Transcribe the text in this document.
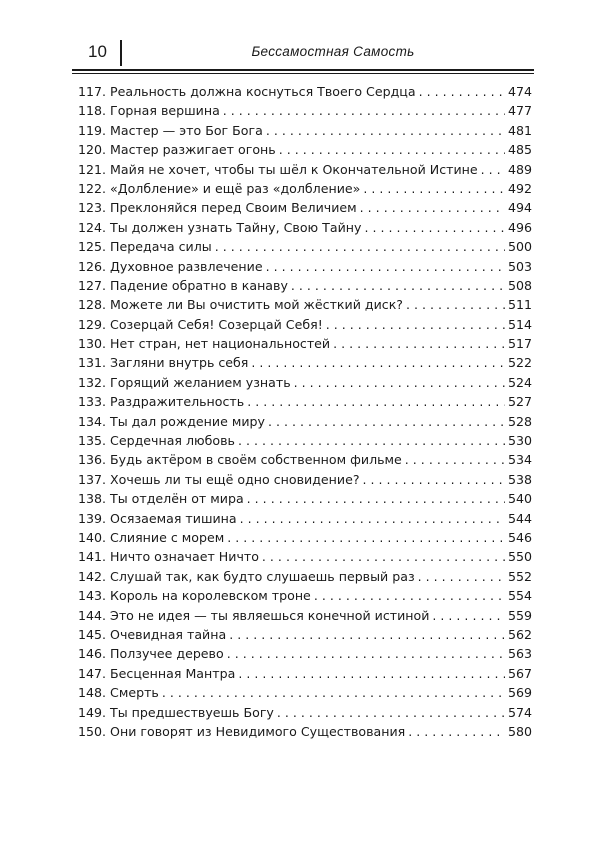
10	Бессамостная Самость
117. Реальность должна коснуться Твоего Сердца . . .	474
118. Горная вершина . . .	477
119. Мастер — это Бог Бога . . .	481
120. Мастер разжигает огонь . . .	485
121. Майя не хочет, чтобы ты шёл к Окончательной Истине . . . 489
122. «Долбление» и ещё раз «долбление» . . .	492
123. Преклоняйся перед Своим Величием . . .	494
124. Ты должен узнать Тайну, Свою Тайну . . .	496
125. Передача силы . . .	500
126. Духовное развлечение . . .	503
127. Падение обратно в канаву . . .	508
128. Можете ли Вы очистить мой жёсткий диск? . . .	511
129. Созерцай Себя! Созерцай Себя! . . .	514
130. Нет стран, нет национальностей . . .	517
131. Загляни внутрь себя . . .	522
132. Горящий желанием узнать . . .	524
133. Раздражительность . . .	527
134. Ты дал рождение миру . . .	528
135. Сердечная любовь . . .	530
136. Будь актёром в своём собственном фильме . . .	534
137. Хочешь ли ты ещё одно сновидение? . . .	538
138. Ты отделён от мира . . .	540
139. Осязаемая тишина . . .	544
140. Слияние с морем . . .	546
141. Ничто означает Ничто . . .	550
142. Слушай так, как будто слушаешь первый раз . . .	552
143. Король на королевском троне . . .	554
144. Это не идея — ты являешься конечной истиной . . .	559
145. Очевидная тайна . . .	562
146. Ползучее дерево . . .	563
147. Бесценная Мантра . . .	567
148. Смерть . . .	569
149. Ты предшествуешь Богу . . .	574
150. Они говорят из Невидимого Существования . . .	580
